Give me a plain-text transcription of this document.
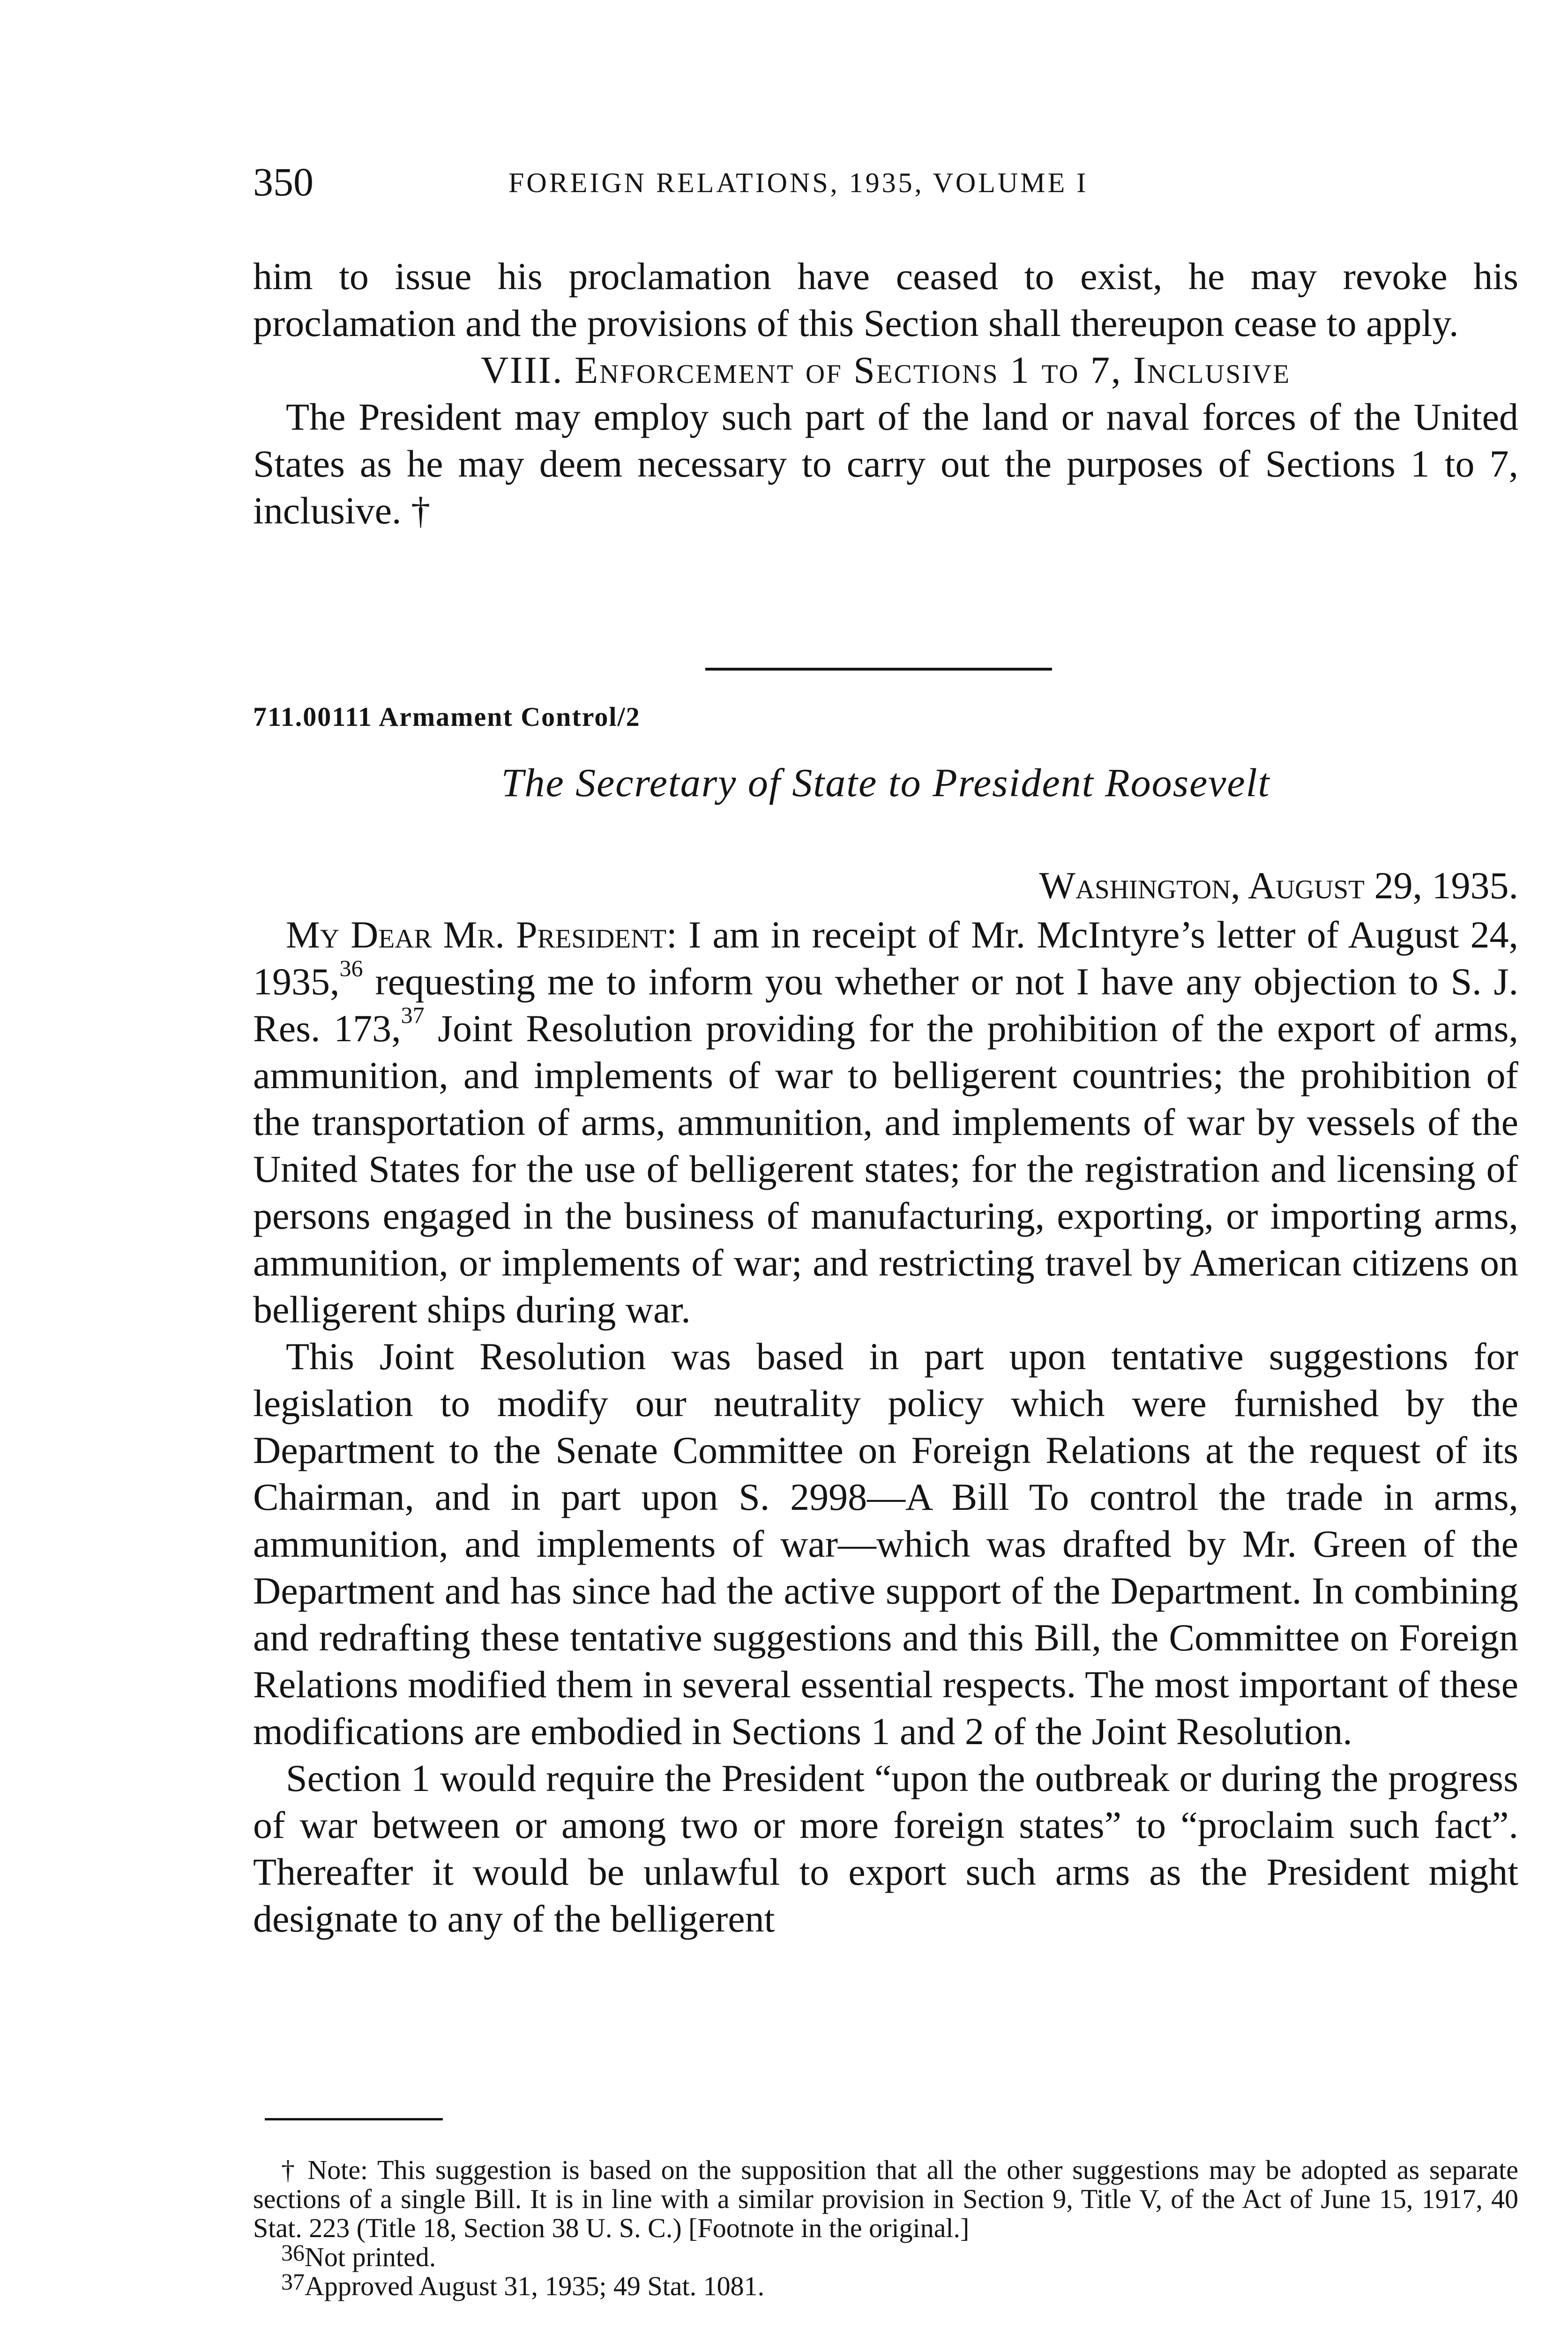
350	FOREIGN RELATIONS, 1935, VOLUME I

him to issue his proclamation have ceased to exist, he may revoke his proclamation and the provisions of this Section shall thereupon cease to apply.

VIII. Enforcement of Sections 1 to 7, Inclusive

The President may employ such part of the land or naval forces of the United States as he may deem necessary to carry out the purposes of Sections 1 to 7, inclusive. †

711.00111 Armament Control/2
The Secretary of State to President Roosevelt
Washington, August 29, 1935.

My Dear Mr. President: I am in receipt of Mr. McIntyre’s letter of August 24, 1935,36 requesting me to inform you whether or not I have any objection to S. J. Res. 173,37 Joint Resolution providing for the prohibition of the export of arms, ammunition, and implements of war to belligerent countries; the prohibition of the transportation of arms, ammunition, and implements of war by vessels of the United States for the use of belligerent states; for the registration and licensing of persons engaged in the business of manufacturing, exporting, or importing arms, ammunition, or implements of war; and restricting travel by American citizens on belligerent ships during war.

This Joint Resolution was based in part upon tentative suggestions for legislation to modify our neutrality policy which were furnished by the Department to the Senate Committee on Foreign Relations at the request of its Chairman, and in part upon S. 2998—A Bill To control the trade in arms, ammunition, and implements of war—which was drafted by Mr. Green of the Department and has since had the active support of the Department. In combining and redrafting these tentative suggestions and this Bill, the Committee on Foreign Relations modified them in several essential respects. The most important of these modifications are embodied in Sections 1 and 2 of the Joint Resolution.

Section 1 would require the President “upon the outbreak or during the progress of war between or among two or more foreign states” to “proclaim such fact”. Thereafter it would be unlawful to export such arms as the President might designate to any of the belligerent

† Note: This suggestion is based on the supposition that all the other suggestions may be adopted as separate sections of a single Bill. It is in line with a similar provision in Section 9, Title V, of the Act of June 15, 1917, 40 Stat. 223 (Title 18, Section 38 U. S. C.) [Footnote in the original.]

36Not printed.

37Approved August 31, 1935; 49 Stat. 1081.
